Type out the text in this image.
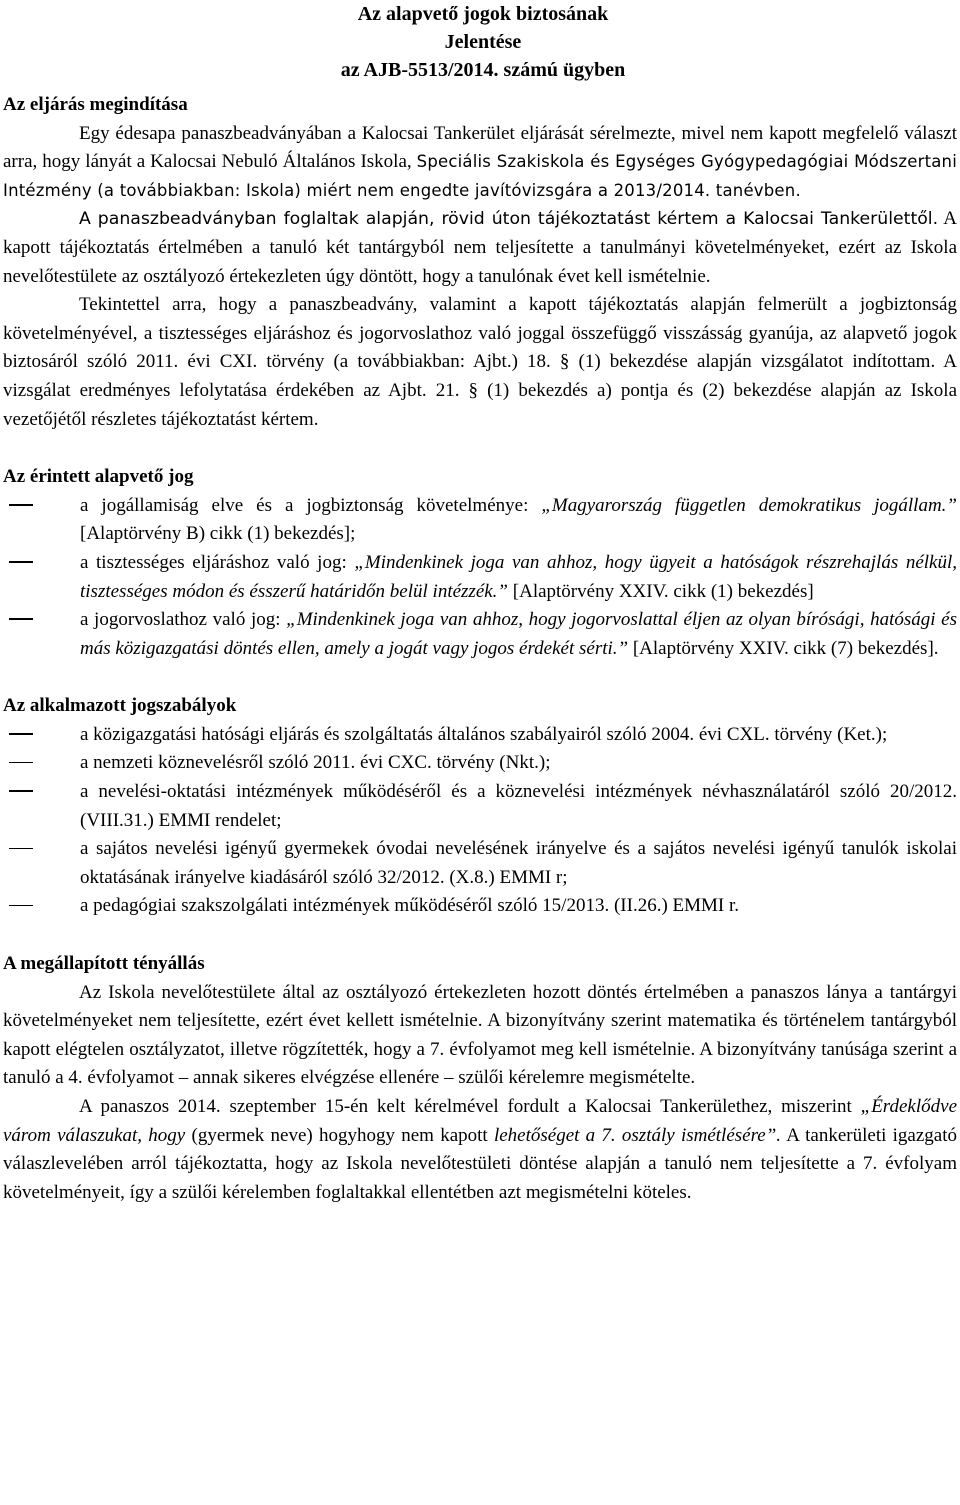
Az alapvető jogok biztosának
Jelentése
az AJB-5513/2014. számú ügyben
Az eljárás megindítása

Egy édesapa panaszbeadványában a Kalocsai Tankerület eljárását sérelmezte, mivel nem kapott megfelelő választ arra, hogy lányát a Kalocsai Nebuló Általános Iskola, Speciális Szakiskola és Egységes Gyógypedagógiai Módszertani Intézmény (a továbbiakban: Iskola) miért nem engedte javítóvizsgára a 2013/2014. tanévben.

A panaszbeadványban foglaltak alapján, rövid úton tájékoztatást kértem a Kalocsai Tankerülettől. A kapott tájékoztatás értelmében a tanuló két tantárgyból nem teljesítette a tanulmányi követelményeket, ezért az Iskola nevelőtestülete az osztályozó értekezleten úgy döntött, hogy a tanulónak évet kell ismételnie.

Tekintettel arra, hogy a panaszbeadvány, valamint a kapott tájékoztatás alapján felmerült a jogbiztonság követelményével, a tisztességes eljáráshoz és jogorvoslathoz való joggal összefüggő visszásság gyanúja, az alapvető jogok biztosáról szóló 2011. évi CXI. törvény (a továbbiakban: Ajbt.) 18. § (1) bekezdése alapján vizsgálatot indítottam. A vizsgálat eredményes lefolytatása érdekében az Ajbt. 21. § (1) bekezdés a) pontja és (2) bekezdése alapján az Iskola vezetőjétől részletes tájékoztatást kértem.

Az érintett alapvető jog
a jogállamiság elve és a jogbiztonság követelménye: „Magyarország független demokratikus jogállam.” [Alaptörvény B) cikk (1) bekezdés];
a tisztességes eljáráshoz való jog: „Mindenkinek joga van ahhoz, hogy ügyeit a hatóságok részrehajlás nélkül, tisztességes módon és ésszerű határidőn belül intézzék.” [Alaptörvény XXIV. cikk (1) bekezdés]
a jogorvoslathoz való jog: „Mindenkinek joga van ahhoz, hogy jogorvoslattal éljen az olyan bírósági, hatósági és más közigazgatási döntés ellen, amely a jogát vagy jogos érdekét sérti.” [Alaptörvény XXIV. cikk (7) bekezdés].
Az alkalmazott jogszabályok
a közigazgatási hatósági eljárás és szolgáltatás általános szabályairól szóló 2004. évi CXL. törvény (Ket.);
a nemzeti köznevelésről szóló 2011. évi CXC. törvény (Nkt.);
a nevelési-oktatási intézmények működéséről és a köznevelési intézmények névhasználatáról szóló 20/2012. (VIII.31.) EMMI rendelet;
a sajátos nevelési igényű gyermekek óvodai nevelésének irányelve és a sajátos nevelési igényű tanulók iskolai oktatásának irányelve kiadásáról szóló 32/2012. (X.8.) EMMI r;
a pedagógiai szakszolgálati intézmények működéséről szóló 15/2013. (II.26.) EMMI r.
A megállapított tényállás

Az Iskola nevelőtestülete által az osztályozó értekezleten hozott döntés értelmében a panaszos lánya a tantárgyi követelményeket nem teljesítette, ezért évet kellett ismételnie. A bizonyítvány szerint matematika és történelem tantárgyból kapott elégtelen osztályzatot, illetve rögzítették, hogy a 7. évfolyamot meg kell ismételnie. A bizonyítvány tanúsága szerint a tanuló a 4. évfolyamot – annak sikeres elvégzése ellenére – szülői kérelemre megismételte.

A panaszos 2014. szeptember 15-én kelt kérelmével fordult a Kalocsai Tankerülethez, miszerint „Érdeklődve várom válaszukat, hogy (gyermek neve) hogyhogy nem kapott lehetőséget a 7. osztály ismétlésére”. A tankerületi igazgató válaszlevelében arról tájékoztatta, hogy az Iskola nevelőtestületi döntése alapján a tanuló nem teljesítette a 7. évfolyam követelményeit, így a szülői kérelemben foglaltakkal ellentétben azt megismételni köteles.
